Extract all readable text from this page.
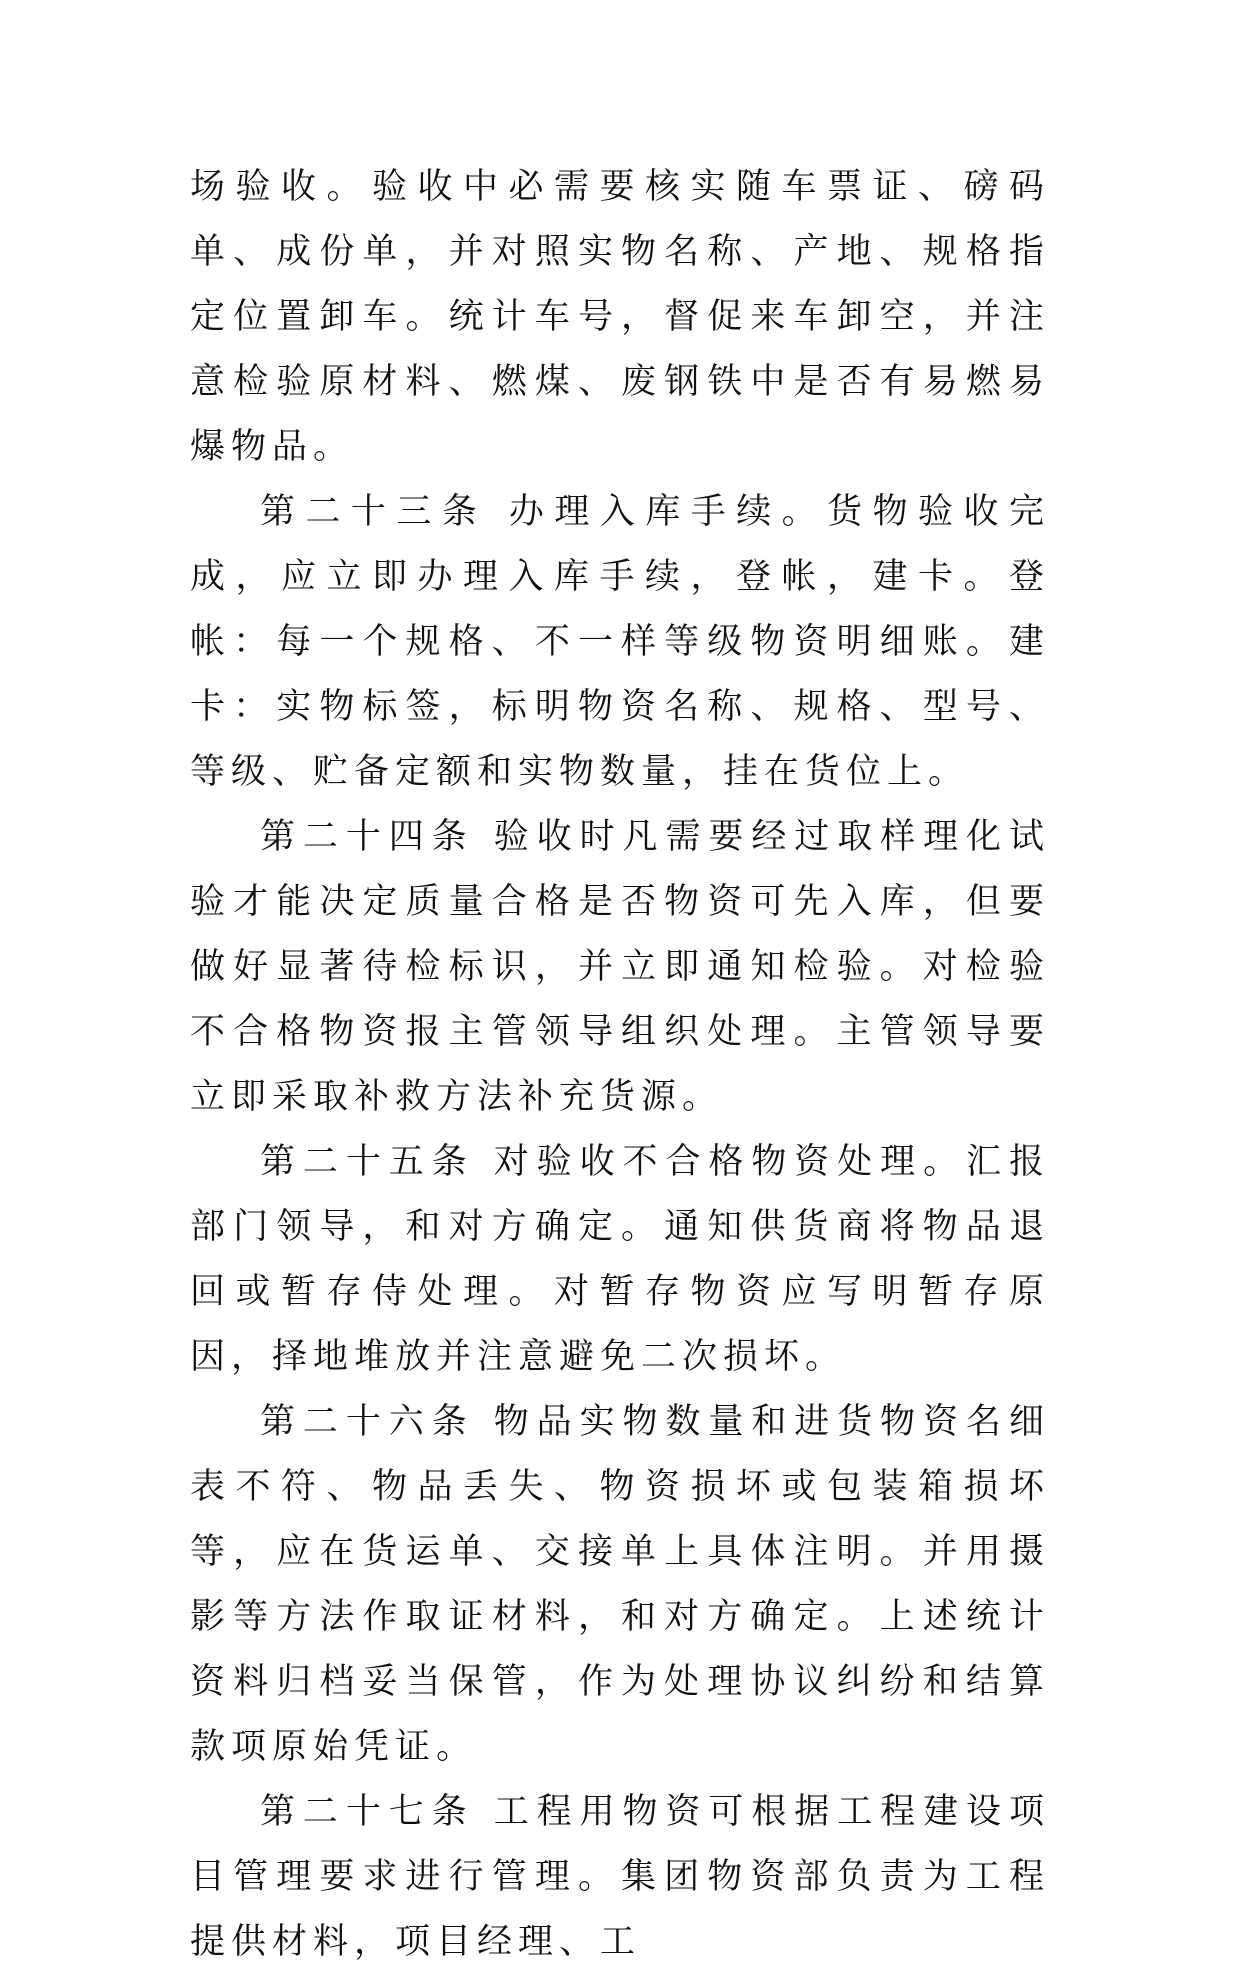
场验收。验收中必需要核实随车票证、磅码单、成份单，并对照实物名称、产地、规格指定位置卸车。统计车号，督促来车卸空，并注意检验原材料、燃煤、废钢铁中是否有易燃易爆物品。

第二十三条 办理入库手续。货物验收完成，应立即办理入库手续，登帐，建卡。登帐：每一个规格、不一样等级物资明细账。建卡：实物标签，标明物资名称、规格、型号、等级、贮备定额和实物数量，挂在货位上。

第二十四条 验收时凡需要经过取样理化试验才能决定质量合格是否物资可先入库，但要做好显著待检标识，并立即通知检验。对检验不合格物资报主管领导组织处理。主管领导要立即采取补救方法补充货源。

第二十五条 对验收不合格物资处理。汇报部门领导，和对方确定。通知供货商将物品退回或暂存侍处理。对暂存物资应写明暂存原因，择地堆放并注意避免二次损坏。

第二十六条 物品实物数量和进货物资名细表不符、物品丢失、物资损坏或包装箱损坏等，应在货运单、交接单上具体注明。并用摄影等方法作取证材料，和对方确定。上述统计资料归档妥当保管，作为处理协议纠纷和结算款项原始凭证。

第二十七条 工程用物资可根据工程建设项目管理要求进行管理。集团物资部负责为工程提供材料，项目经理、工
